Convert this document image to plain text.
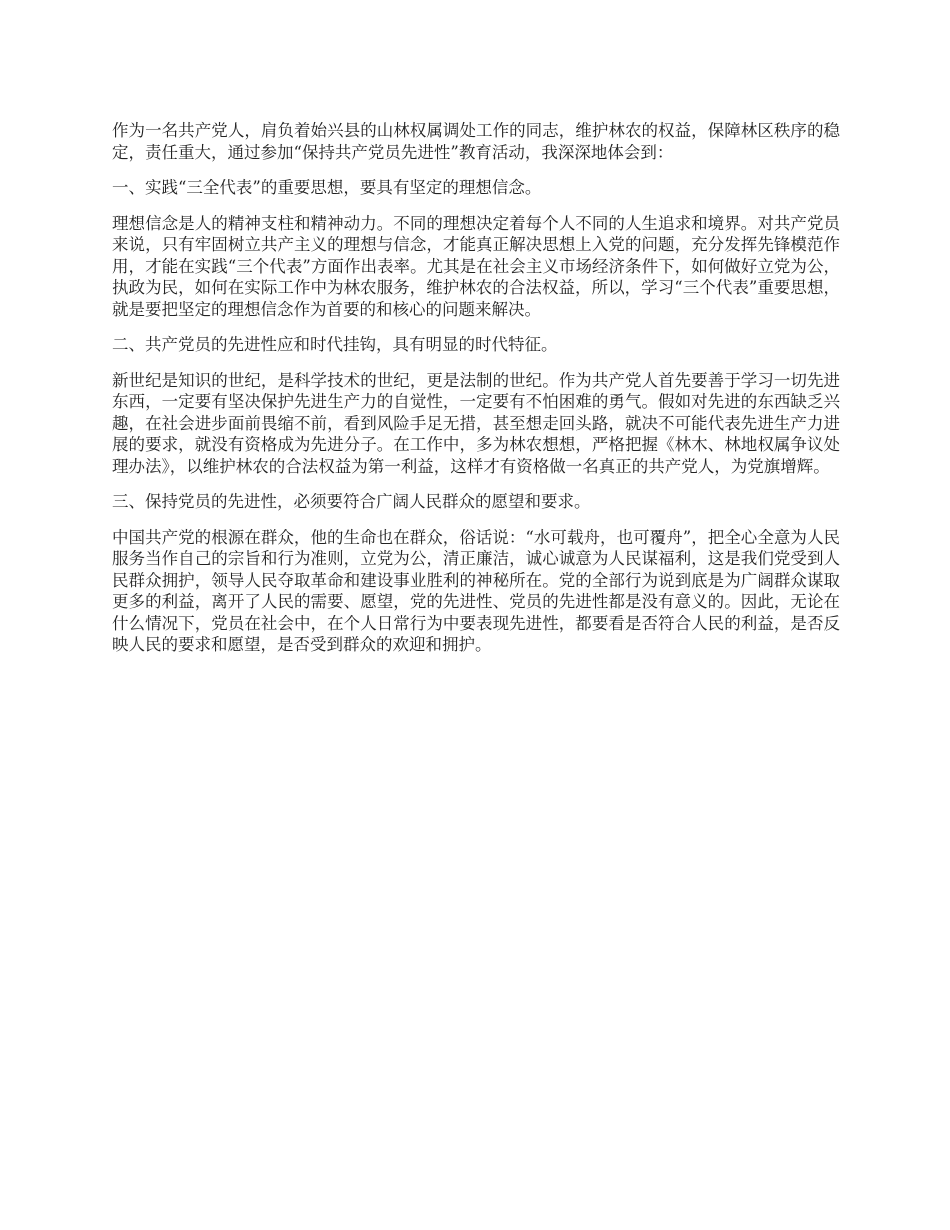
作为一名共产党人，肩负着始兴县的山林权属调处工作的同志，维护林农的权益，保障林区秩序的稳定，责任重大，通过参加“保持共产党员先进性”教育活动，我深深地体会到：

一、实践“三全代表”的重要思想，要具有坚定的理想信念。

理想信念是人的精神支柱和精神动力。不同的理想决定着每个人不同的人生追求和境界。对共产党员来说，只有牢固树立共产主义的理想与信念，才能真正解决思想上入党的问题，充分发挥先锋模范作用，才能在实践“三个代表”方面作出表率。尤其是在社会主义市场经济条件下，如何做好立党为公，执政为民，如何在实际工作中为林农服务，维护林农的合法权益，所以，学习“三个代表”重要思想，就是要把坚定的理想信念作为首要的和核心的问题来解决。

二、共产党员的先进性应和时代挂钩，具有明显的时代特征。

新世纪是知识的世纪，是科学技术的世纪，更是法制的世纪。作为共产党人首先要善于学习一切先进东西，一定要有坚决保护先进生产力的自觉性，一定要有不怕困难的勇气。假如对先进的东西缺乏兴趣，在社会进步面前畏缩不前，看到风险手足无措，甚至想走回头路，就决不可能代表先进生产力进展的要求，就没有资格成为先进分子。在工作中，多为林农想想，严格把握《林木、林地权属争议处理办法》，以维护林农的合法权益为第一利益，这样才有资格做一名真正的共产党人，为党旗增辉。

三、保持党员的先进性，必须要符合广阔人民群众的愿望和要求。

中国共产党的根源在群众，他的生命也在群众，俗话说：“水可载舟，也可覆舟”，把全心全意为人民服务当作自己的宗旨和行为准则，立党为公，清正廉洁，诚心诚意为人民谋福利，这是我们党受到人民群众拥护，领导人民夺取革命和建设事业胜利的神秘所在。党的全部行为说到底是为广阔群众谋取更多的利益，离开了人民的需要、愿望，党的先进性、党员的先进性都是没有意义的。因此，无论在什么情况下，党员在社会中，在个人日常行为中要表现先进性，都要看是否符合人民的利益，是否反映人民的要求和愿望，是否受到群众的欢迎和拥护。
